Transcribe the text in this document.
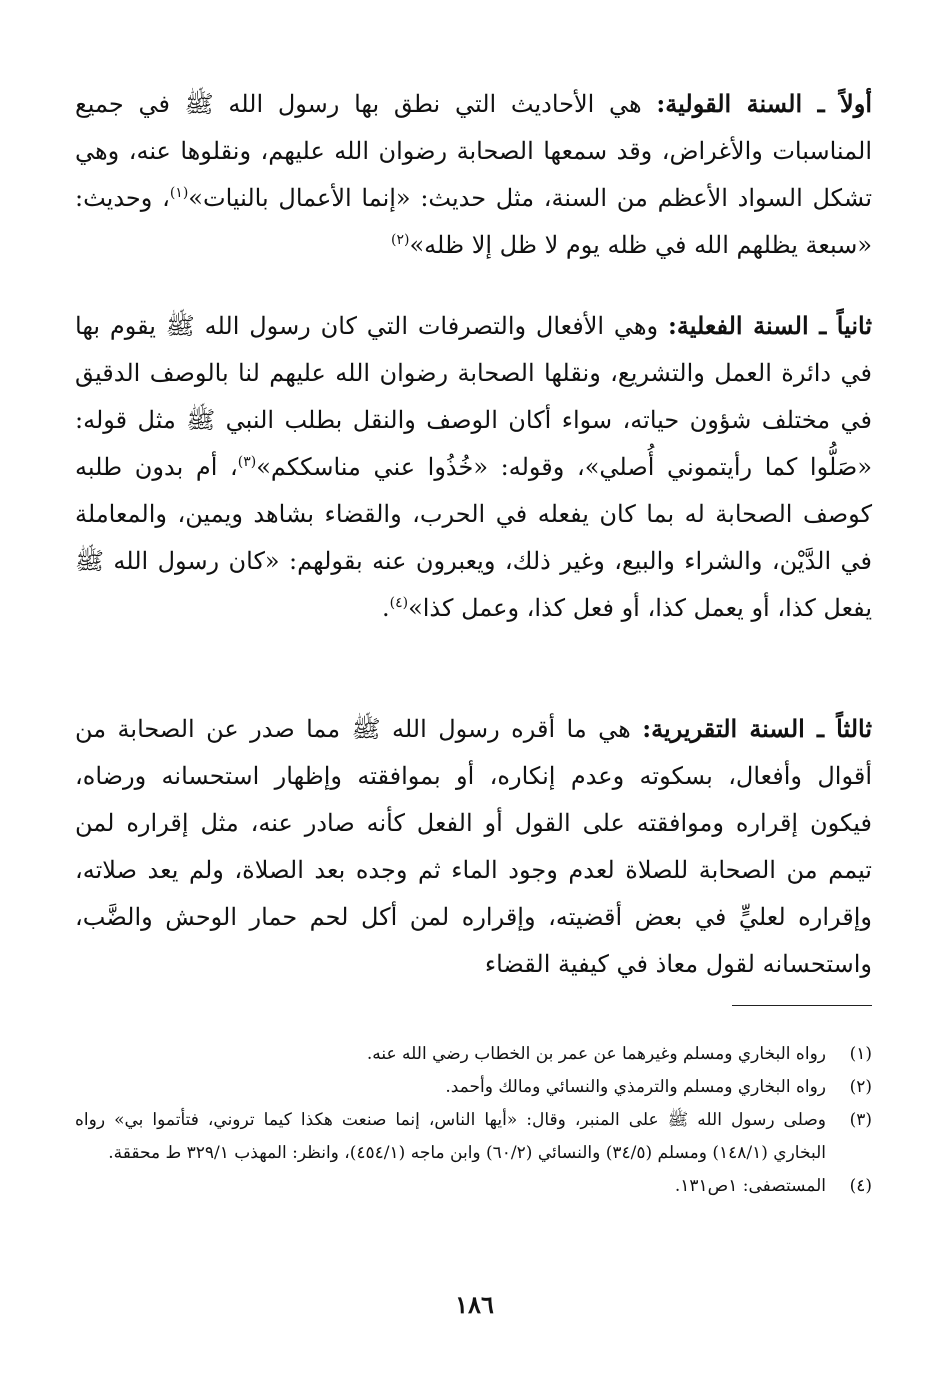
أولاً ـ السنة القولية: هي الأحاديث التي نطق بها رسول الله ﷺ في جميع المناسبات والأغراض، وقد سمعها الصحابة رضوان الله عليهم، ونقلوها عنه، وهي تشكل السواد الأعظم من السنة، مثل حديث: «إنما الأعمال بالنيات»$^{(١)}$، وحديث: «سبعة يظلهم الله في ظله يوم لا ظل إلا ظله»$^{(٢)}$

ثانياً ـ السنة الفعلية: وهي الأفعال والتصرفات التي كان رسول الله ﷺ يقوم بها في دائرة العمل والتشريع، ونقلها الصحابة رضوان الله عليهم لنا بالوصف الدقيق في مختلف شؤون حياته، سواء أكان الوصف والنقل بطلب النبي ﷺ مثل قوله: «صَلُّوا كما رأيتموني أُصلي»، وقوله: «خُذُوا عني مناسككم»$^{(٣)}$، أم بدون طلبه كوصف الصحابة له بما كان يفعله في الحرب، والقضاء بشاهد ويمين، والمعاملة في الدَّيْن، والشراء والبيع، وغير ذلك، ويعبرون عنه بقولهم: «كان رسول الله ﷺ يفعل كذا، أو يعمل كذا، أو فعل كذا، وعمل كذا»$^{(٤)}$.

ثالثاً ـ السنة التقريرية: هي ما أقره رسول الله ﷺ مما صدر عن الصحابة من أقوال وأفعال، بسكوته وعدم إنكاره، أو بموافقته وإظهار استحسانه ورضاه، فيكون إقراره وموافقته على القول أو الفعل كأنه صادر عنه، مثل إقراره لمن تيمم من الصحابة للصلاة لعدم وجود الماء ثم وجده بعد الصلاة، ولم يعد صلاته، وإقراره لعليٍّ في بعض أقضيته، وإقراره لمن أكل لحم حمار الوحش والضَّب، واستحسانه لقول معاذ في كيفية القضاء

(١)
رواه البخاري ومسلم وغيرهما عن عمر بن الخطاب رضي الله عنه.
(٢)
رواه البخاري ومسلم والترمذي والنسائي ومالك وأحمد.
(٣)
وصلى رسول الله ﷺ على المنبر، وقال: «أيها الناس، إنما صنعت هكذا كيما تروني، فتأتموا بي» رواه البخاري (١٤٨/١) ومسلم (٣٤/٥) والنسائي (٦٠/٢) وابن ماجه (٤٥٤/١)، وانظر: المهذب ٣٢٩/١ ط محققة.
(٤)
المستصفى: ١ص١٣١.
١٨٦
